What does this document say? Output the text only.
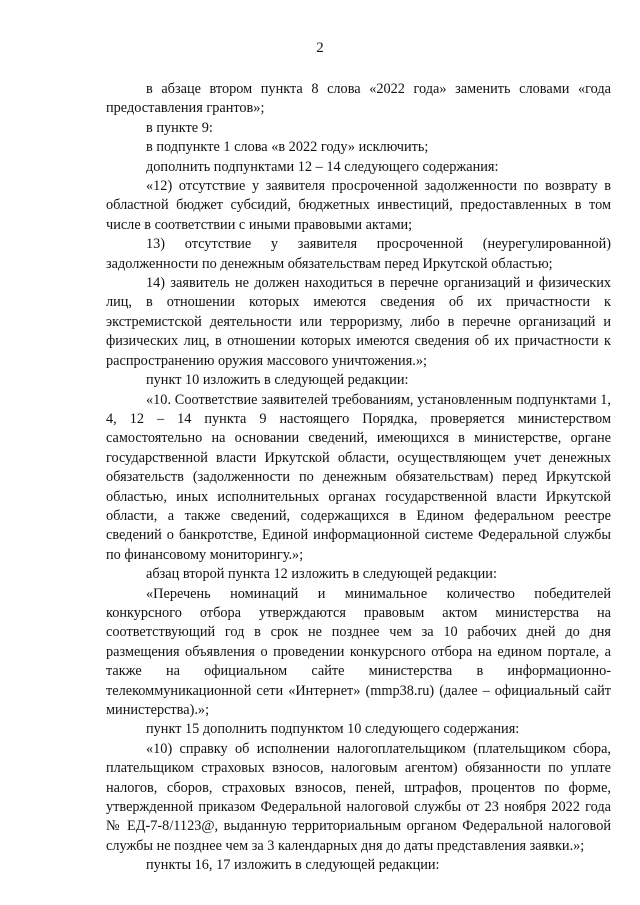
2

в абзаце втором пункта 8 слова «2022 года» заменить словами «года предоставления грантов»;

в пункте 9:

в подпункте 1 слова «в 2022 году» исключить;

дополнить подпунктами 12 – 14 следующего содержания:

«12) отсутствие у заявителя просроченной задолженности по возврату в областной бюджет субсидий, бюджетных инвестиций, предоставленных в том числе в соответствии с иными правовыми актами;

13) отсутствие у заявителя просроченной (неурегулированной) задолженности по денежным обязательствам перед Иркутской областью;

14) заявитель не должен находиться в перечне организаций и физических лиц, в отношении которых имеются сведения об их причастности к экстремистской деятельности или терроризму, либо в перечне организаций и физических лиц, в отношении которых имеются сведения об их причастности к распространению оружия массового уничтожения.»;

пункт 10 изложить в следующей редакции:

«10. Соответствие заявителей требованиям, установленным подпунктами 1, 4, 12 – 14 пункта 9 настоящего Порядка, проверяется министерством самостоятельно на основании сведений, имеющихся в министерстве, органе государственной власти Иркутской области, осуществляющем учет денежных обязательств (задолженности по денежным обязательствам) перед Иркутской областью, иных исполнительных органах государственной власти Иркутской области, а также сведений, содержащихся в Едином федеральном реестре сведений о банкротстве, Единой информационной системе Федеральной службы по финансовому мониторингу.»;

абзац второй пункта 12 изложить в следующей редакции:

«Перечень номинаций и минимальное количество победителей конкурсного отбора утверждаются правовым актом министерства на соответствующий год в срок не позднее чем за 10 рабочих дней до дня размещения объявления о проведении конкурсного отбора на едином портале, а также на официальном сайте министерства в информационно-телекоммуникационной сети «Интернет» (mmp38.ru) (далее – официальный сайт министерства).»;

пункт 15 дополнить подпунктом 10 следующего содержания:

«10) справку об исполнении налогоплательщиком (плательщиком сбора, плательщиком страховых взносов, налоговым агентом) обязанности по уплате налогов, сборов, страховых взносов, пеней, штрафов, процентов по форме, утвержденной приказом Федеральной налоговой службы от 23 ноября 2022 года № ЕД-7-8/1123@, выданную территориальным органом Федеральной налоговой службы не позднее чем за 3 календарных дня до даты представления заявки.»;

пункты 16, 17 изложить в следующей редакции:
